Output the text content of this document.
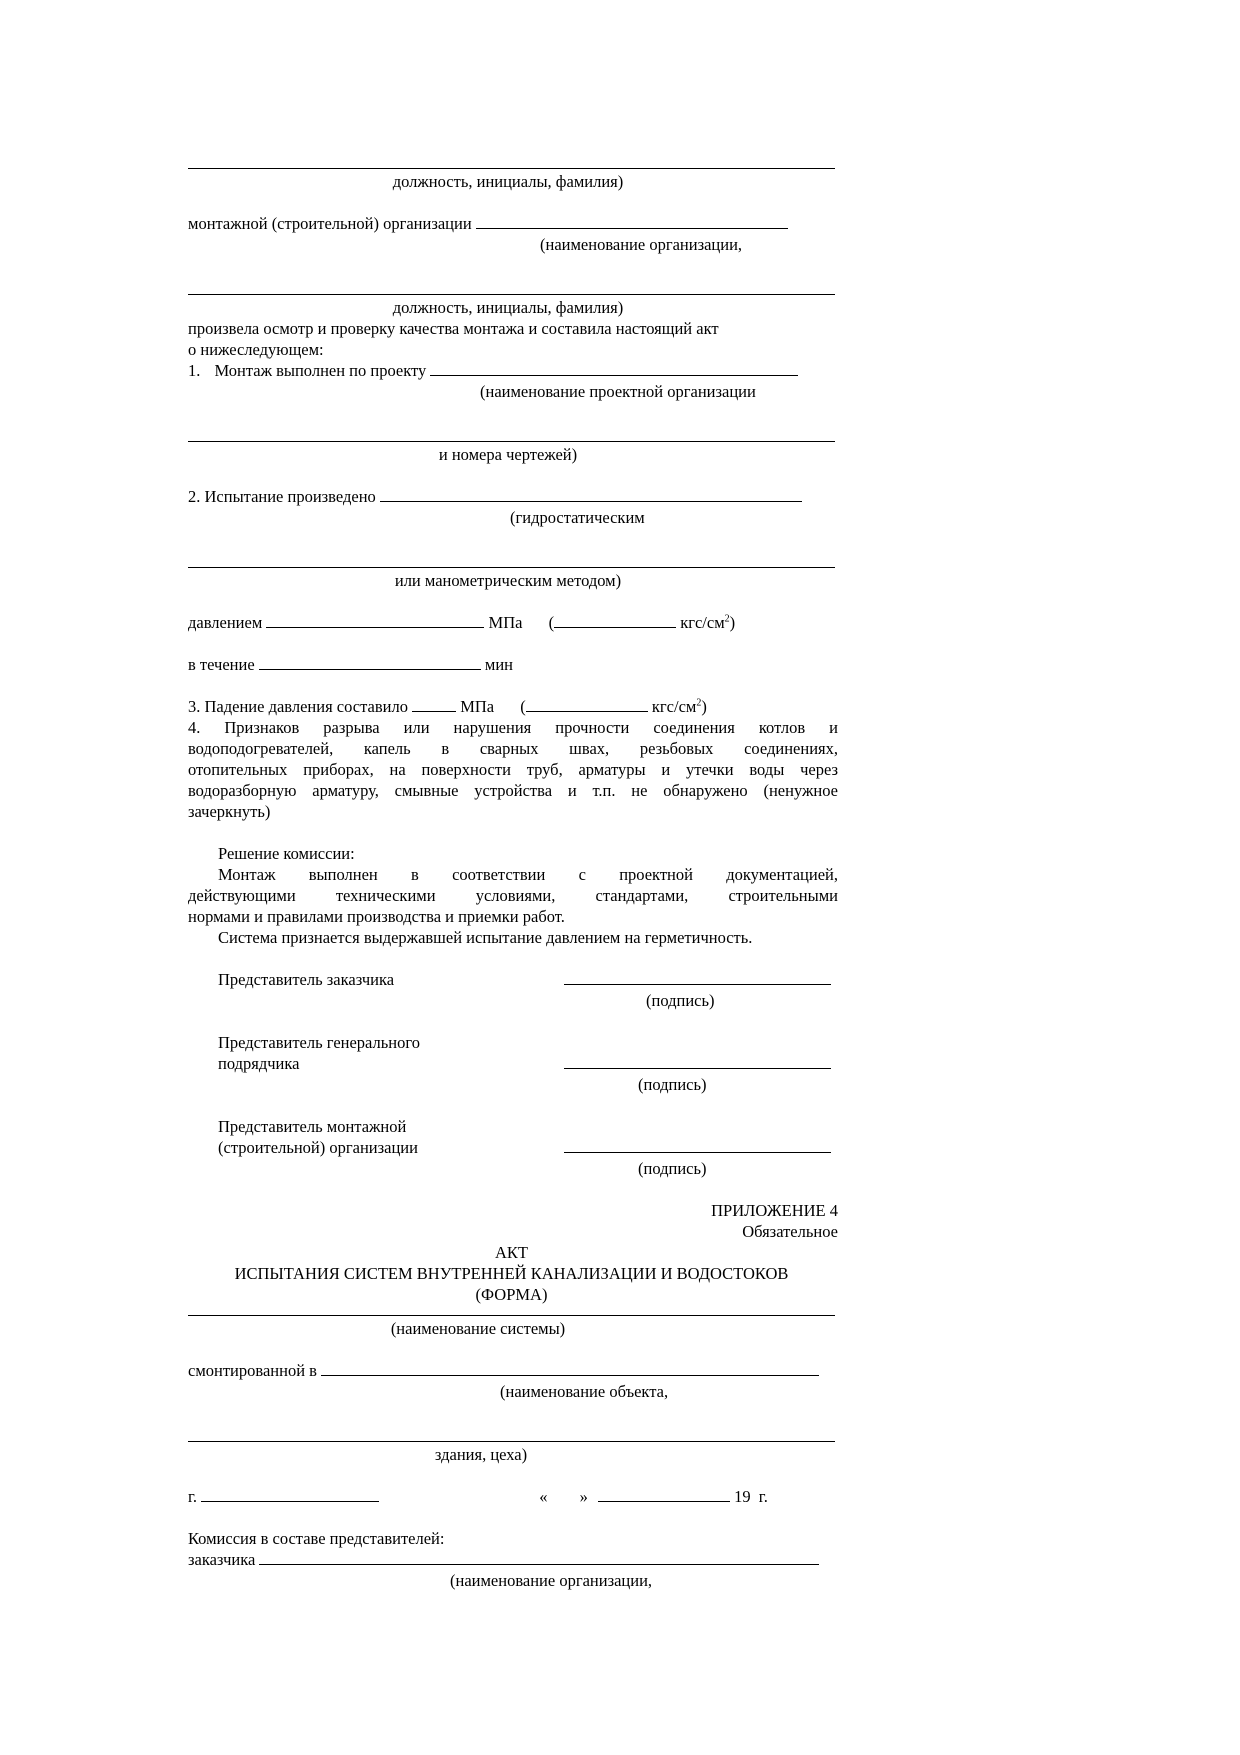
должность, инициалы, фамилия)
монтажной (строительной) организации
(наименование организации,
должность, инициалы, фамилия)
произвела осмотр и проверку качества монтажа и составила настоящий акт
о нижеследующем:
1. Монтаж выполнен по проекту
(наименование проектной организации
и номера чертежей)
2. Испытание произведено
(гидростатическим
или манометрическим методом)
давлением	МПа (	кгс/$см^2$)
в течение	мин
3. Падение давления составило	МПа (	кгс/$см^2$)
4. Признаков разрыва или нарушения прочности соединения котлов и
водоподогревателей, капель в сварных швах, резьбовых соединениях,
отопительных приборах, на поверхности труб, арматуры и утечки воды через
водоразборную арматуру, смывные устройства и т.п. не обнаружено (ненужное
зачеркнуть)
Решение комиссии:
Монтаж выполнен в соответствии с проектной документацией,
действующими техническими условиями, стандартами, строительными
нормами и правилами производства и приемки работ.
Система признается выдержавшей испытание давлением на герметичность.
Представитель заказчика
(подпись)
Представитель генерального
подрядчика
(подпись)
Представитель монтажной
(строительной) организации
(подпись)
ПРИЛОЖЕНИЕ 4
Обязательное
АКТ
ИСПЫТАНИЯ СИСТЕМ ВНУТРЕННЕЙ КАНАЛИЗАЦИИ И ВОДОСТОКОВ
(ФОРМА)
(наименование системы)
смонтированной в
(наименование объекта,
здания, цеха)
г.	« »	19 г.
Комиссия в составе представителей:
заказчика
(наименование организации,
